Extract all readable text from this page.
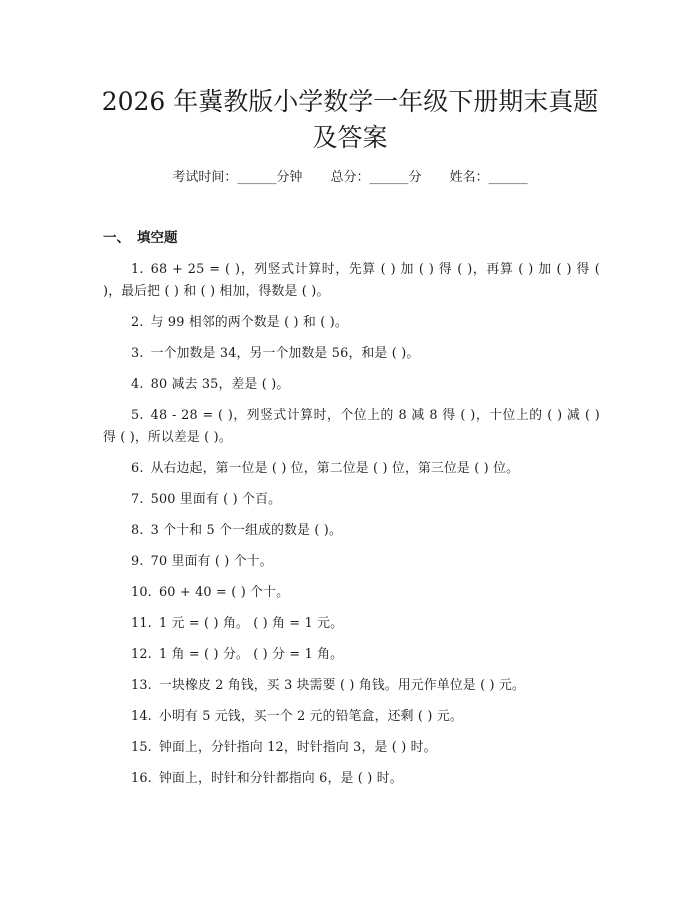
2026 年冀教版小学数学一年级下册期末真题
及答案
考试时间：______分钟 总分：______分 姓名：______
一、 填空题
1. 68 + 25 = ( )，列竖式计算时，先算 ( ) 加 ( ) 得 ( )，再算 ( ) 加 ( ) 得 ( )，最后把 ( ) 和 ( ) 相加，得数是 ( )。
2. 与 99 相邻的两个数是 ( ) 和 ( )。
3. 一个加数是 34，另一个加数是 56，和是 ( )。
4. 80 减去 35，差是 ( )。
5. 48 - 28 = ( )，列竖式计算时，个位上的 8 减 8 得 ( )，十位上的 ( ) 减 ( ) 得 ( )，所以差是 ( )。
6. 从右边起，第一位是 ( ) 位，第二位是 ( ) 位，第三位是 ( ) 位。
7. 500 里面有 ( ) 个百。
8. 3 个十和 5 个一组成的数是 ( )。
9. 70 里面有 ( ) 个十。
10. 60 + 40 = ( ) 个十。
11. 1 元 = ( ) 角。 ( ) 角 = 1 元。
12. 1 角 = ( ) 分。 ( ) 分 = 1 角。
13. 一块橡皮 2 角钱，买 3 块需要 ( ) 角钱。用元作单位是 ( ) 元。
14. 小明有 5 元钱，买一个 2 元的铅笔盒，还剩 ( ) 元。
15. 钟面上，分针指向 12，时针指向 3，是 ( ) 时。
16. 钟面上，时针和分针都指向 6，是 ( ) 时。
